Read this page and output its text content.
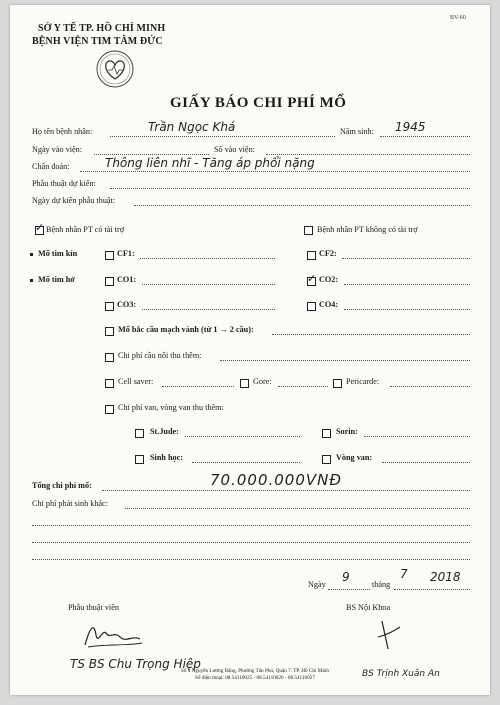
SỞ Y TẾ TP. HỒ CHÍ MINH
BỆNH VIỆN TIM TÂM ĐỨC
BV-60
GIẤY BÁO CHI PHÍ MỔ
Họ tên bệnh nhân:	Trần Ngọc Khá	Năm sinh: 1945
Ngày vào viện:	Số vào viện:
Chẩn đoán:	Thông liên nhĩ - Tăng áp phổi nặng
Phẫu thuật dự kiến:
Ngày dự kiến phẫu thuật:
✓ Bệnh nhân PT có tài trợ	Bệnh nhân PT không có tài trợ
Mổ tim kín	CF1:	CF2:
Mổ tim hở	CO1:	✓ CO2:
CO3:	CO4:
Mổ bắc cầu mạch vành (từ 1 → 2 cầu):
Chi phí cầu nối thu thêm:
Cell saver:	Gore:	Pericarde:
Chi phí van, vòng van thu thêm:
St.Jude:	Sorin:
Sinh học:	Vòng van:
Tổng chi phí mổ:	70.000.000VNĐ
Chi phí phát sinh khác:
Ngày
9
tháng
7 2018
Phẫu thuật viên	BS Nội Khoa
TS BS Chu Trọng Hiệp
BS Trịnh Xuân An
Số 4 Nguyễn Lương Bằng, Phường Tân Phú, Quận 7. TP. Hồ Chí Minh
Số điện thoại: 08.54110025 - 08.54110026 - 08.54110027
